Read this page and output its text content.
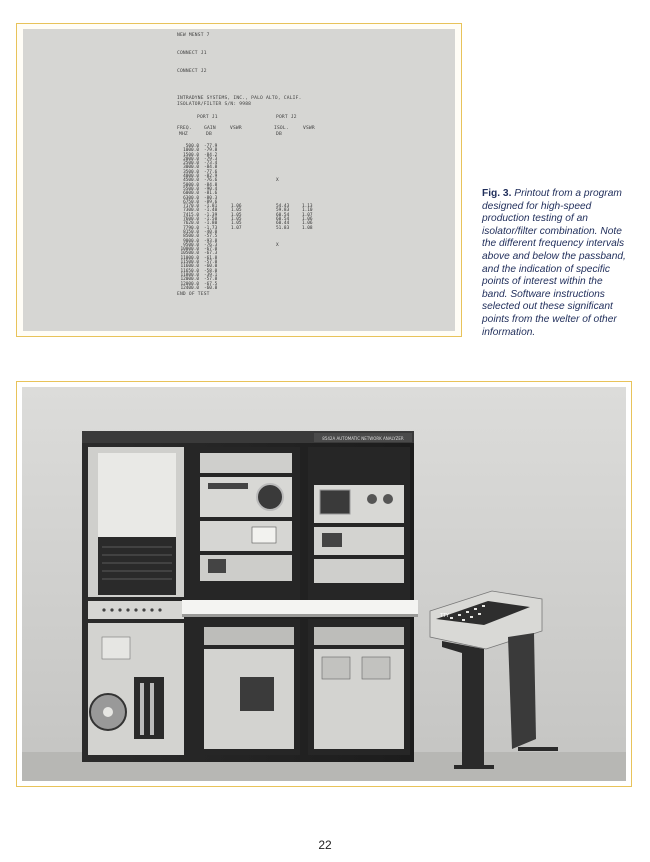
NEW MENST 7
CONNECT J1
CONNECT J2
INTRADYNE SYSTEMS, INC., PALO ALTO, CALIF.
ISOLATOR/FILTER S/N: 9988
PORT J1	PORT J2
FREQ.
MHZ
GAIN
DB
VSWR	ISOL.
DB
VSWR
500.0
1000.0
1500.0
2000.0
2500.0
3000.0
3500.0
4000.0
4500.0
5000.0
5500.0
6000.0
6300.0
6750.0
7170.0
7300.0
7415.0
7600.0
7620.0
7790.0
8150.0
8500.0
9000.0
9500.0
10000.0
10500.0
11000.0
11500.0
11600.0
11650.0
11800.0
12000.0
12000.0
12400.0
-77.9
-79.8
-84.2
-79.3
-73.4
-84.8
-77.6
-82.9
-76.6
-84.8
-90.4
-81.6
-80.3
-89.6
-1.81
-1.40
-1.39
-1.50
-1.80
-1.73
-40.0
-57.5
-93.8
-76.3
-67.0
-67.3
-61.8
-57.0
-60.0
-58.0
-39.1
-57.8
-67.5
-60.8
1.06
1.05
1.05
1.05
1.05
1.07
X
54.43
59.83
60.54
60.54
60.44
51.83
X
1.13
1.10
1.07
1.06
1.06
1.08
END OF TEST
Fig. 3. Printout from a program designed for high-speed production testing of an isolator/filter combination. Note the different frequency intervals above and below the passband, and the indication of specific points of interest within the band. Software instructions selected out these significant points from the welter of other information.
8542A AUTOMATIC NETWORK ANALYZER
TTY
22
